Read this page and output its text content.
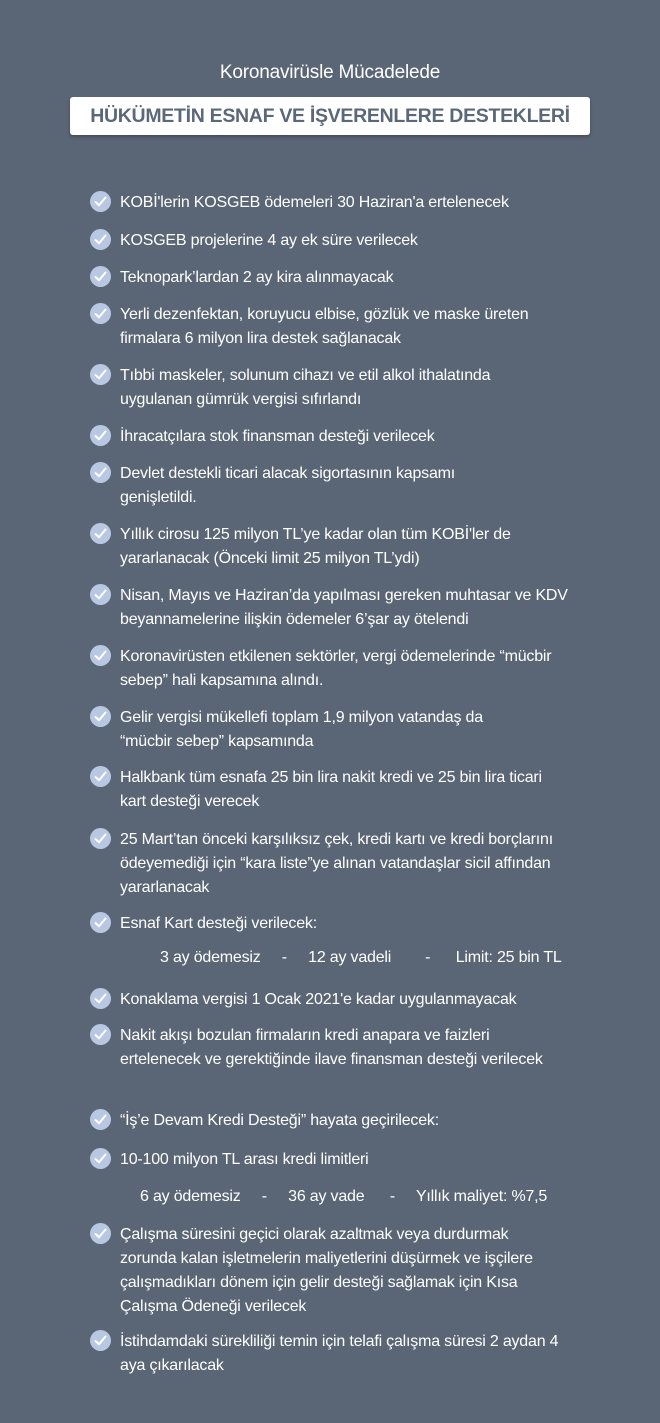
Koronavirüsle Mücadelede
HÜKÜMETİN ESNAF VE İŞVERENLERE DESTEKLERİ
KOBİ'lerin KOSGEB ödemeleri 30 Haziran'a ertelenecek
KOSGEB projelerine 4 ay ek süre verilecek
Teknopark’lardan 2 ay kira alınmayacak
Yerli dezenfektan, koruyucu elbise, gözlük ve maske üreten firmalara 6 milyon lira destek sağlanacak
Tıbbi maskeler, solunum cihazı ve etil alkol ithalatında uygulanan gümrük vergisi sıfırlandı
İhracatçılara stok finansman desteği verilecek
Devlet destekli ticari alacak sigortasının kapsamı genişletildi.
Yıllık cirosu 125 milyon TL’ye kadar olan tüm KOBİ'ler de yararlanacak (Önceki limit 25 milyon TL’ydi)
Nisan, Mayıs ve Haziran’da yapılması gereken muhtasar ve KDV beyannamelerine ilişkin ödemeler 6’şar ay ötelendi
Koronavirüsten etkilenen sektörler, vergi ödemelerinde “mücbir sebep” hali kapsamına alındı.
Gelir vergisi mükellefi toplam 1,9 milyon vatandaş da “mücbir sebep” kapsamında
Halkbank tüm esnafa 25 bin lira nakit kredi ve 25 bin lira ticari kart desteği verecek
25 Mart’tan önceki karşılıksız çek, kredi kartı ve kredi borçlarını ödeyemediği için “kara liste”ye alınan vatandaşlar sicil affından yararlanacak
Esnaf Kart desteği verilecek:
3 ay ödemesiz     -     12 ay vadeli        -      Limit: 25 bin TL
Konaklama vergisi 1 Ocak 2021'e kadar uygulanmayacak
Nakit akışı bozulan firmaların kredi anapara ve faizleri ertelenecek ve gerektiğinde ilave finansman desteği verilecek
“İş’e Devam Kredi Desteği” hayata geçirilecek:
10-100 milyon TL arası kredi limitleri
6 ay ödemesiz     -     36 ay vade      -     Yıllık maliyet: %7,5
Çalışma süresini geçici olarak azaltmak veya durdurmak zorunda kalan işletmelerin maliyetlerini düşürmek ve işçilere çalışmadıkları dönem için gelir desteği sağlamak için Kısa Çalışma Ödeneği verilecek
İstihdamdaki sürekliliği temin için telafi çalışma süresi 2 aydan 4 aya çıkarılacak
